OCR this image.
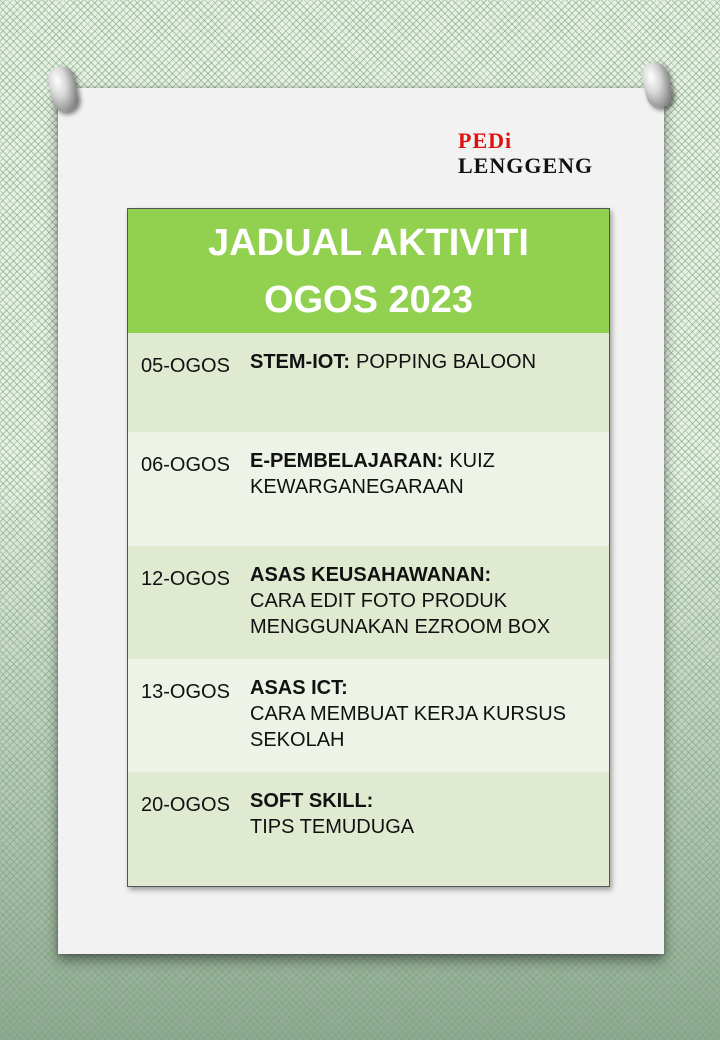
PEDi
LENGGENG
JADUAL AKTIVITI
OGOS 2023
05-OGOS STEM-IOT: POPPING BALOON
06-OGOS E-PEMBELAJARAN: KUIZ KEWARGANEGARAAN
12-OGOS ASAS KEUSAHAWANAN:
CARA EDIT FOTO PRODUK MENGGUNAKAN EZROOM BOX
13-OGOS ASAS ICT:
CARA MEMBUAT KERJA KURSUS SEKOLAH
20-OGOS SOFT SKILL:
TIPS TEMUDUGA
